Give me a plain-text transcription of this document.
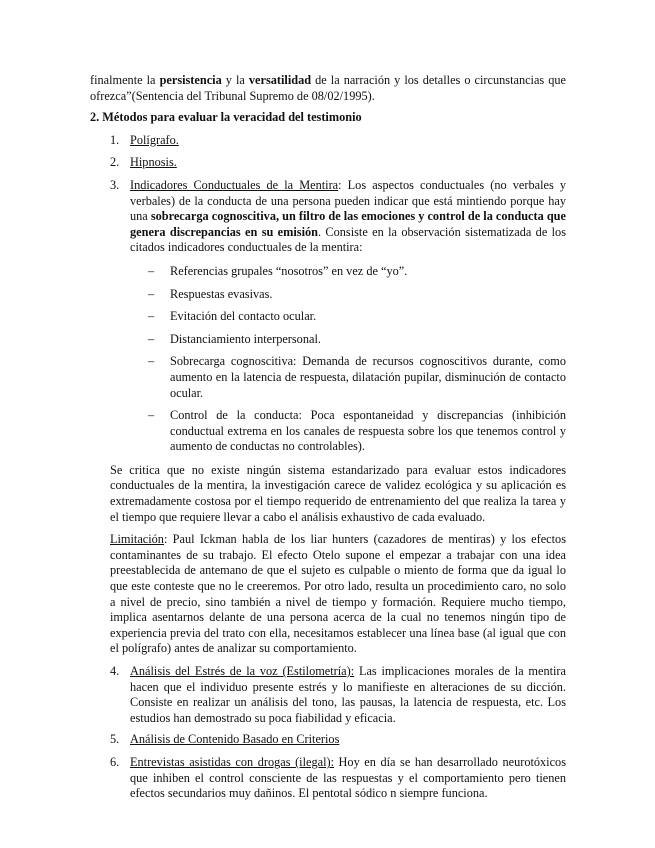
finalmente la persistencia y la versatilidad de la narración y los detalles o circunstancias que ofrezca”(Sentencia del Tribunal Supremo de 08/02/1995).

2. Métodos para evaluar la veracidad del testimonio
1. Polígrafo.
2. Hipnosis.
3. Indicadores Conductuales de la Mentira: Los aspectos conductuales (no verbales y verbales) de la conducta de una persona pueden indicar que está mintiendo porque hay una sobrecarga cognoscitiva, un filtro de las emociones y control de la conducta que genera discrepancias en su emisión. Consiste en la observación sistematizada de los citados indicadores conductuales de la mentira:
– Referencias grupales “nosotros” en vez de “yo”.
– Respuestas evasivas.
– Evitación del contacto ocular.
– Distanciamiento interpersonal.
– Sobrecarga cognoscitiva: Demanda de recursos cognoscitivos durante, como aumento en la latencia de respuesta, dilatación pupilar, disminución de contacto ocular.
– Control de la conducta: Poca espontaneidad y discrepancias (inhibición conductual extrema en los canales de respuesta sobre los que tenemos control y aumento de conductas no controlables).

Se critica que no existe ningún sistema estandarizado para evaluar estos indicadores conductuales de la mentira, la investigación carece de validez ecológica y su aplicación es extremadamente costosa por el tiempo requerido de entrenamiento del que realiza la tarea y el tiempo que requiere llevar a cabo el análisis exhaustivo de cada evaluado.

Limitación: Paul Ickman habla de los liar hunters (cazadores de mentiras) y los efectos contaminantes de su trabajo. El efecto Otelo supone el empezar a trabajar con una idea preestablecida de antemano de que el sujeto es culpable o miento de forma que da igual lo que este conteste que no le creeremos. Por otro lado, resulta un procedimiento caro, no solo a nivel de precio, sino también a nivel de tiempo y formación. Requiere mucho tiempo, implica asentarnos delante de una persona acerca de la cual no tenemos ningún tipo de experiencia previa del trato con ella, necesitamos establecer una línea base (al igual que con el polígrafo) antes de analizar su comportamiento.

4. Análisis del Estrés de la voz (Estilometría): Las implicaciones morales de la mentira hacen que el individuo presente estrés y lo manifieste en alteraciones de su dicción. Consiste en realizar un análisis del tono, las pausas, la latencia de respuesta, etc. Los estudios han demostrado su poca fiabilidad y eficacia.
5. Análisis de Contenido Basado en Criterios
6. Entrevistas asistidas con drogas (ilegal): Hoy en día se han desarrollado neurotóxicos que inhiben el control consciente de las respuestas y el comportamiento pero tienen efectos secundarios muy dañinos. El pentotal sódico n siempre funciona.
